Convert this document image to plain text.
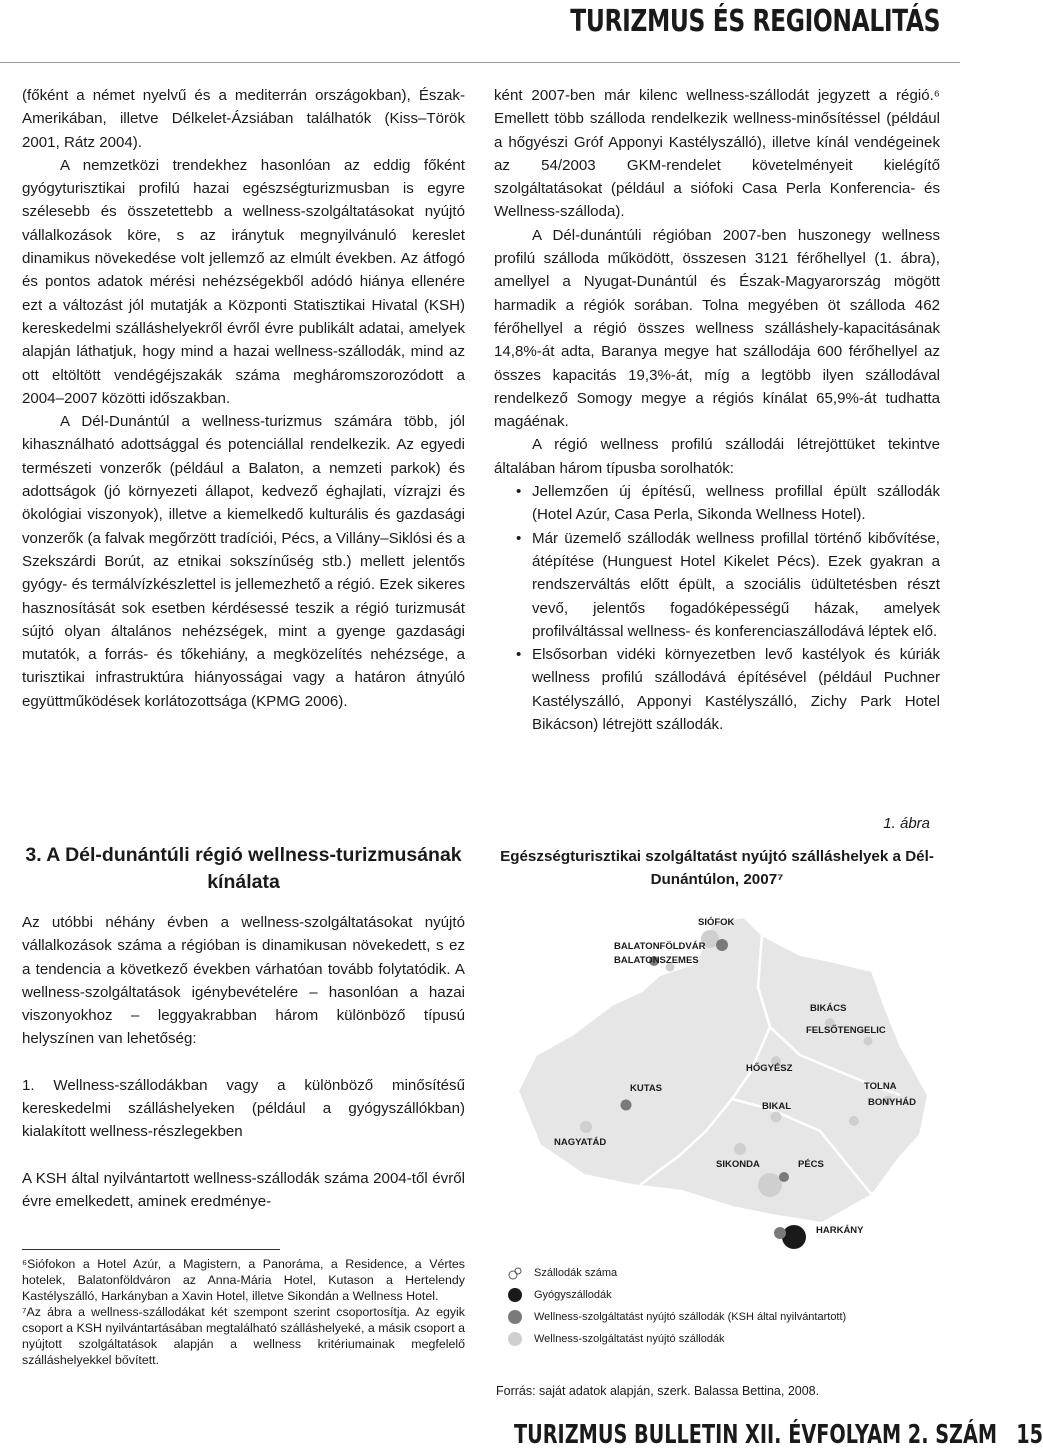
TURIZMUS ÉS REGIONALITÁS

(főként a német nyelvű és a mediterrán országokban), Észak-Amerikában, illetve Délkelet-Ázsiában találhatók (Kiss–Török 2001, Rátz 2004).

A nemzetközi trendekhez hasonlóan az eddig főként gyógyturisztikai profilú hazai egészségturizmusban is egyre szélesebb és összetettebb a wellness-szolgáltatásokat nyújtó vállalkozások köre, s az iránytuk megnyilvánuló kereslet dinamikus növekedése volt jellemző az elmúlt években. Az átfogó és pontos adatok mérési nehézségekből adódó hiánya ellenére ezt a változást jól mutatják a Központi Statisztikai Hivatal (KSH) kereskedelmi szálláshelyekről évről évre publikált adatai, amelyek alapján láthatjuk, hogy mind a hazai wellness-szállodák, mind az ott eltöltött vendégéjszakák száma megháromszorozódott a 2004–2007 közötti időszakban.

A Dél-Dunántúl a wellness-turizmus számára több, jól kihasználható adottsággal és potenciállal rendelkezik. Az egyedi természeti vonzerők (például a Balaton, a nemzeti parkok) és adottságok (jó környezeti állapot, kedvező éghajlati, vízrajzi és ökológiai viszonyok), illetve a kiemelkedő kulturális és gazdasági vonzerők (a falvak megőrzött tradíciói, Pécs, a Villány–Siklósi és a Szekszárdi Borút, az etnikai sokszínűség stb.) mellett jelentős gyógy- és termálvízkészlettel is jellemezhető a régió. Ezek sikeres hasznosítását sok esetben kérdésessé teszik a régió turizmusát sújtó olyan általános nehézségek, mint a gyenge gazdasági mutatók, a forrás- és tőkehiány, a megközelítés nehézsége, a turisztikai infrastruktúra hiányosságai vagy a határon átnyúló együttműködések korlátozottsága (KPMG 2006).

3. A Dél-dunántúli régió wellness-turizmusának kínálata

Az utóbbi néhány évben a wellness-szolgáltatásokat nyújtó vállalkozások száma a régióban is dinamikusan növekedett, s ez a tendencia a következő években várhatóan tovább folytatódik. A wellness-szolgáltatások igénybevételére – hasonlóan a hazai viszonyokhoz – leggyakrabban három különböző típusú helyszínen van lehetőség:

1. Wellness-szállodákban vagy a különböző minősítésű kereskedelmi szálláshelyeken (például a gyógyszállókban) kialakított wellness-részlegekben

A KSH által nyilvántartott wellness-szállodák száma 2004-től évről évre emelkedett, aminek eredménye-

⁶Siófokon a Hotel Azúr, a Magistern, a Panoráma, a Residence, a Vértes hotelek, Balatonföldváron az Anna-Mária Hotel, Kutason a Hertelendy Kastélyszálló, Harkányban a Xavin Hotel, illetve Sikondán a Wellness Hotel.

⁷Az ábra a wellness-szállodákat két szempont szerint csoportosítja. Az egyik csoport a KSH nyilvántartásában megtalálható szálláshelyeké, a másik csoport a nyújtott szolgáltatások alapján a wellness kritériumainak megfelelő szálláshelyekkel bővített.

ként 2007-ben már kilenc wellness-szállodát jegyzett a régió.⁶ Emellett több szálloda rendelkezik wellness-minősítéssel (például a hőgyészi Gróf Apponyi Kastélyszálló), illetve kínál vendégeinek az 54/2003 GKM-rendelet követelményeit kielégítő szolgáltatásokat (például a siófoki Casa Perla Konferencia- és Wellness-szálloda).

A Dél-dunántúli régióban 2007-ben huszonegy wellness profilú szálloda működött, összesen 3121 férőhellyel (1. ábra), amellyel a Nyugat-Dunántúl és Észak-Magyarország mögött harmadik a régiók sorában. Tolna megyében öt szálloda 462 férőhellyel a régió összes wellness szálláshely-kapacitásának 14,8%-át adta, Baranya megye hat szállodája 600 férőhellyel az összes kapacitás 19,3%-át, míg a legtöbb ilyen szállodával rendelkező Somogy megye a régiós kínálat 65,9%-át tudhatta magáénak.

A régió wellness profilú szállodái létrejöttüket tekintve általában három típusba sorolhatók:

• Jellemzően új építésű, wellness profillal épült szállodák (Hotel Azúr, Casa Perla, Sikonda Wellness Hotel).
• Már üzemelő szállodák wellness profillal történő kibővítése, átépítése (Hunguest Hotel Kikelet Pécs). Ezek gyakran a rendszerváltás előtt épült, a szociális üdültetésben részt vevő, jelentős fogadóképességű házak, amelyek profilváltással wellness- és konferenciaszállodává léptek elő.
• Elsősorban vidéki környezetben levő kastélyok és kúriák wellness profilú szállodává építésével (például Puchner Kastélyszálló, Apponyi Kastélyszálló, Zichy Park Hotel Bikácson) létrejött szállodák.
1. ábra
Egészségturisztikai szolgáltatást nyújtó szálláshelyek a Dél-Dunántúlon, 2007⁷
SIÓFOK
BALATONFÖLDVÁR
BALATONSZEMES
BIKÁCS
FELSŐTENGELIC
HŐGYÉSZ
KUTAS	TOLNA
BONYHÁD
BIKAL
NAGYATÁD
SIKONDA	PÉCS
HARKÁNY
Szállodák száma
Gyógyszállodák
Wellness-szolgáltatást nyújtó szállodák (KSH által nyilvántartott)
Wellness-szolgáltatást nyújtó szállodák
Forrás: saját adatok alapján, szerk. Balassa Bettina, 2008.
TURIZMUS BULLETIN XII. ÉVFOLYAM 2. SZÁM 15
